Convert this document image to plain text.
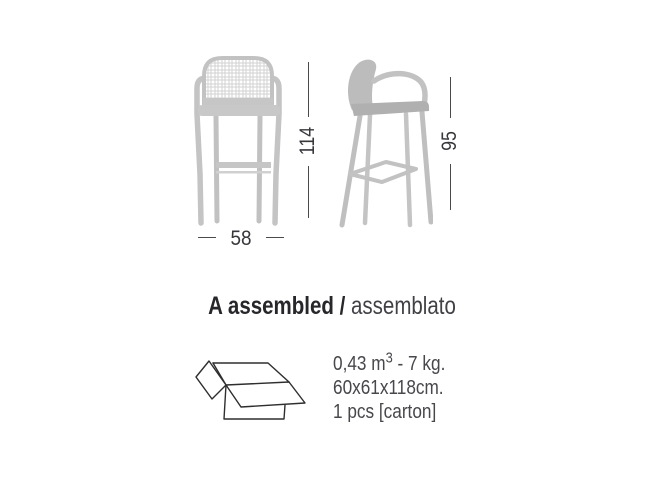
114	95
58
A assembled / assemblato
0,43 $m^3 - 7$ kg.
60x61x118cm.
1 pcs [carton]
